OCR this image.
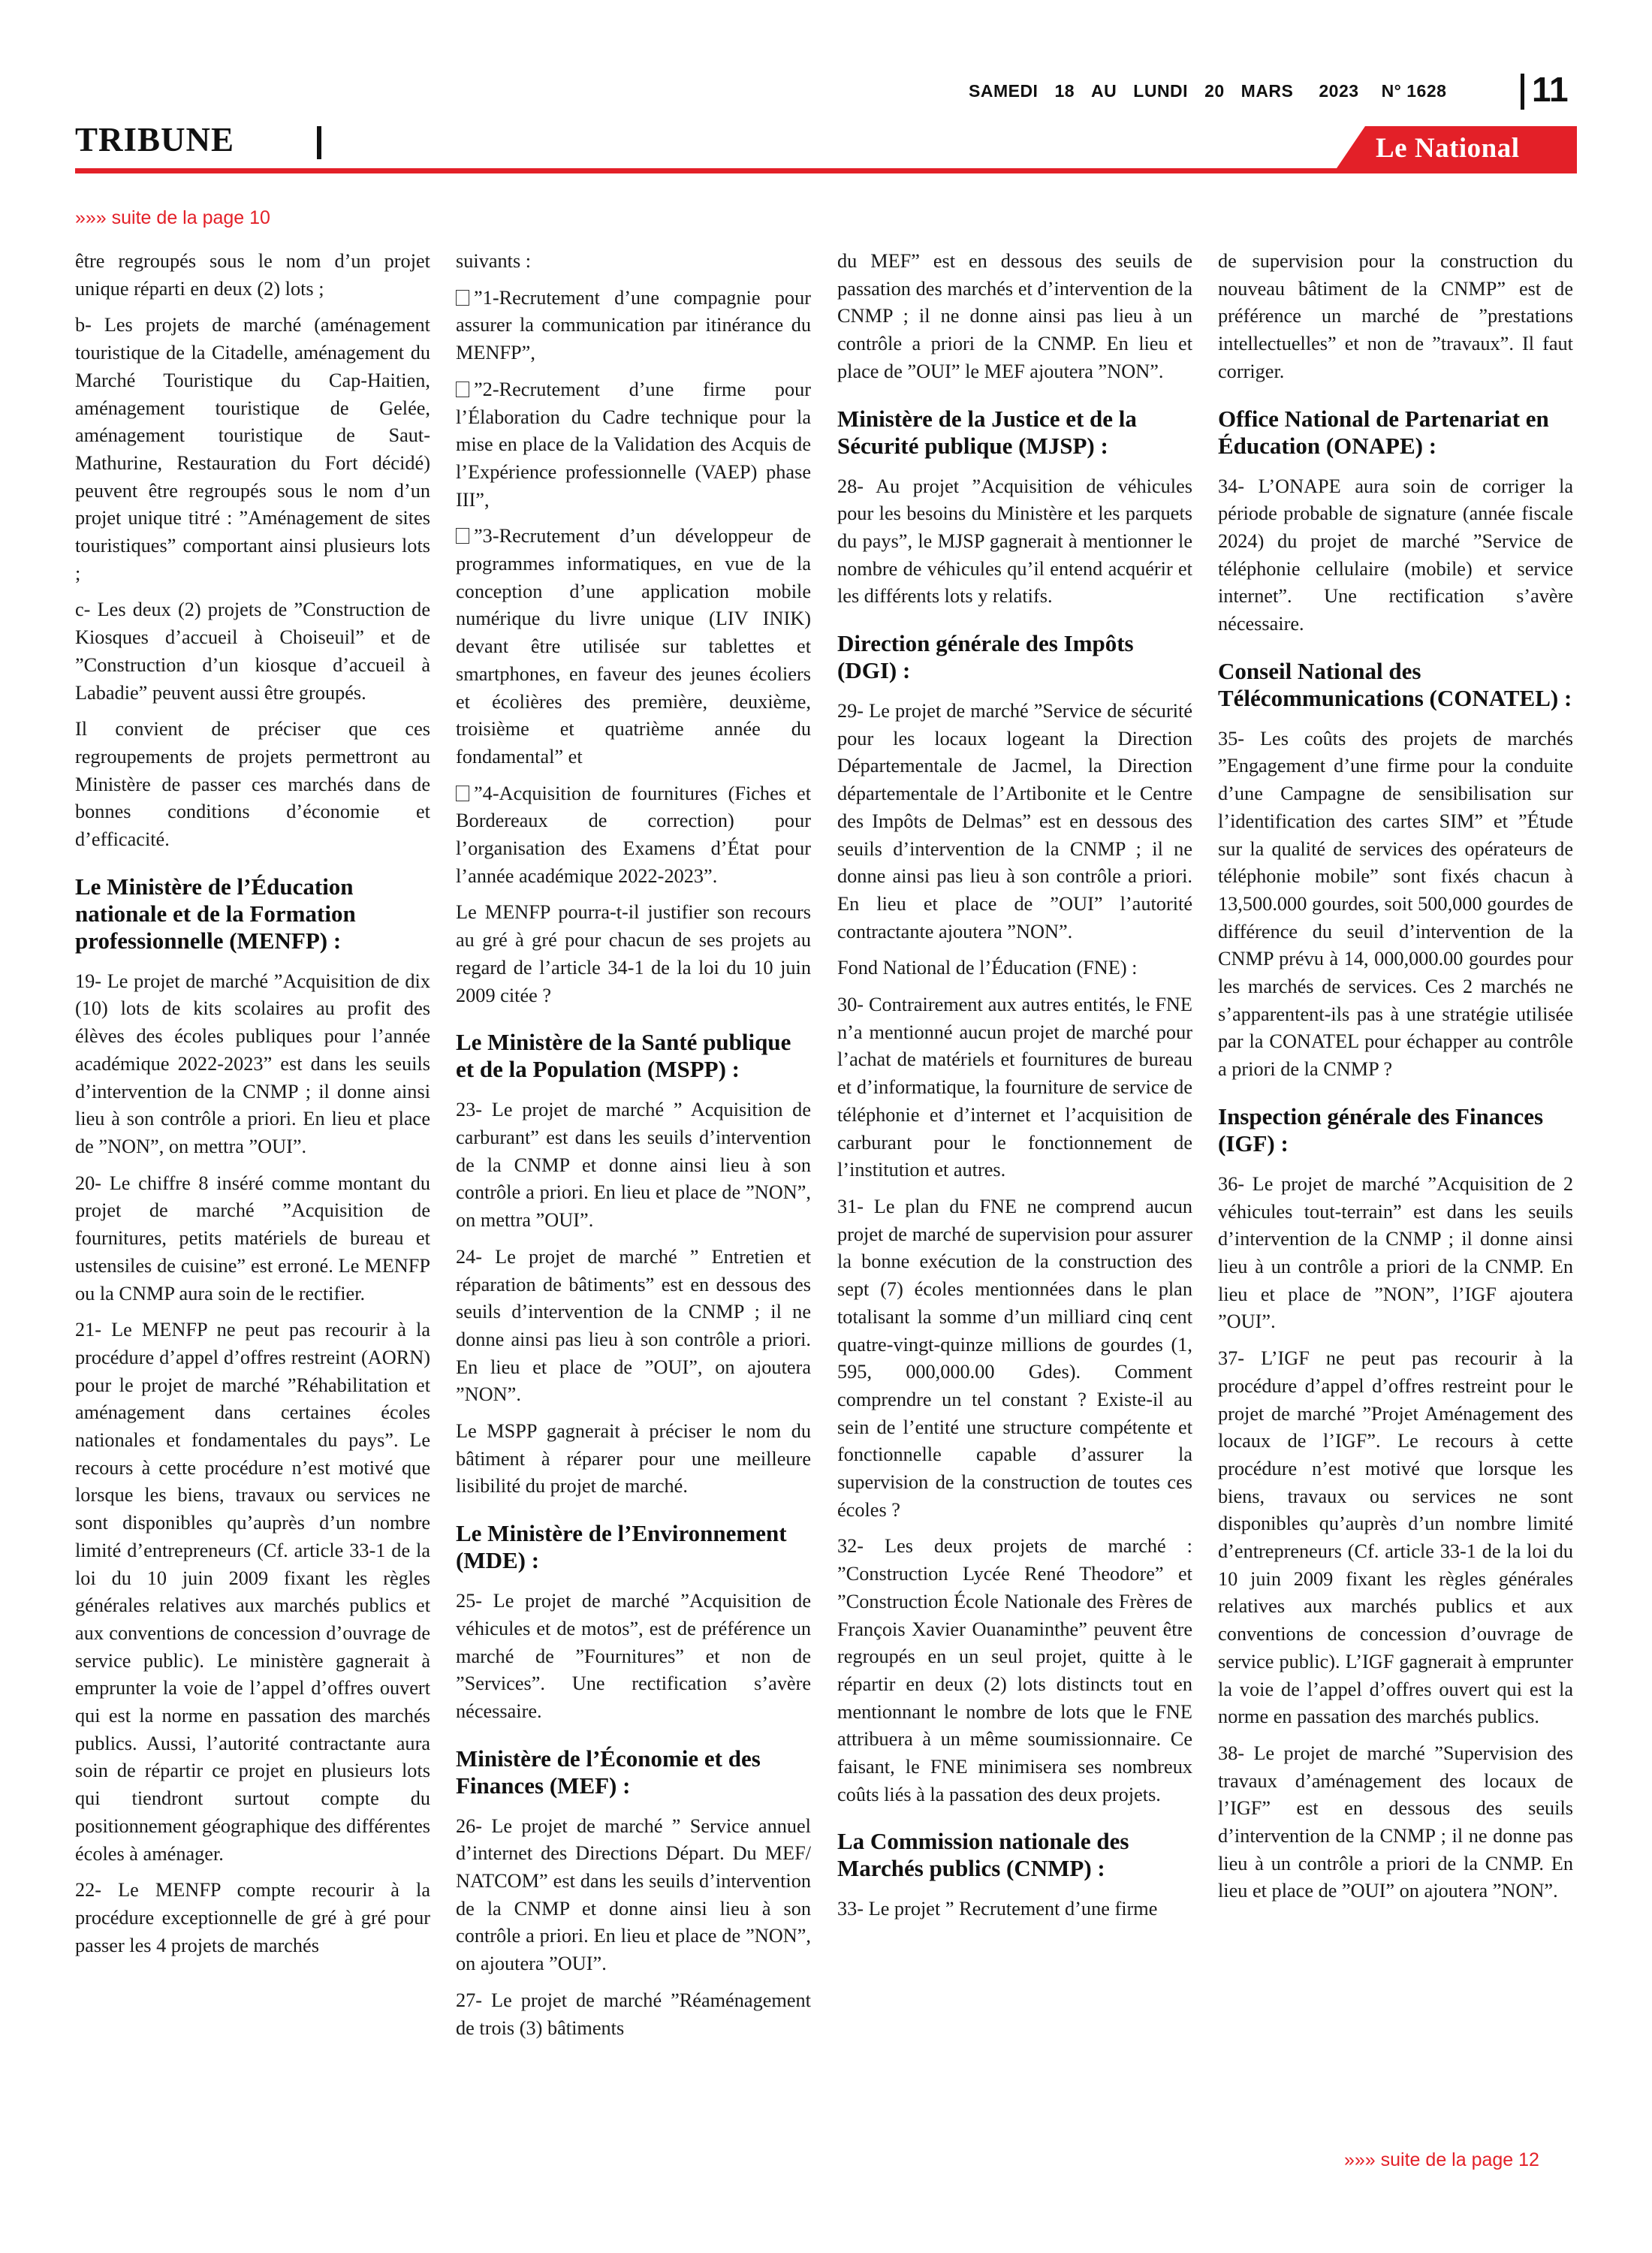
SAMEDI 18 AU LUNDI 20 MARS 2023 N° 1628 11
TRIBUNE	Le National
»»» suite de la page 10

être regroupés sous le nom d’un projet unique réparti en deux (2) lots ;

b- Les projets de marché (aménagement touristique de la Citadelle, aménagement du Marché Touristique du Cap-Haitien, aménagement touristique de Gelée, aménagement touristique de Saut-Mathurine, Restauration du Fort décidé) peuvent être regroupés sous le nom d’un projet unique titré : ”Aménagement de sites touristiques” comportant ainsi plusieurs lots ;

c- Les deux (2) projets de ”Construction de Kiosques d’accueil à Choiseuil” et de ”Construction d’un kiosque d’accueil à Labadie” peuvent aussi être groupés.

Il convient de préciser que ces regroupements de projets permettront au Ministère de passer ces marchés dans de bonnes conditions d’économie et d’efficacité.

Le Ministère de l’Éducation nationale et de la Formation professionnelle (MENFP) :

19- Le projet de marché ”Acquisition de dix (10) lots de kits scolaires au profit des élèves des écoles publiques pour l’année académique 2022-2023” est dans les seuils d’intervention de la CNMP ; il donne ainsi lieu à son contrôle a priori. En lieu et place de ”NON”, on mettra ”OUI”.

20- Le chiffre 8 inséré comme montant du projet de marché ”Acquisition de fournitures, petits matériels de bureau et ustensiles de cuisine” est erroné. Le MENFP ou la CNMP aura soin de le rectifier.

21- Le MENFP ne peut pas recourir à la procédure d’appel d’offres restreint (AORN) pour le projet de marché ”Réhabilitation et aménagement dans certaines écoles nationales et fondamentales du pays”. Le recours à cette procédure n’est motivé que lorsque les biens, travaux ou services ne sont disponibles qu’auprès d’un nombre limité d’entrepreneurs (Cf. article 33-1 de la loi du 10 juin 2009 fixant les règles générales relatives aux marchés publics et aux conventions de concession d’ouvrage de service public). Le ministère gagnerait à emprunter la voie de l’appel d’offres ouvert qui est la norme en passation des marchés publics. Aussi, l’autorité contractante aura soin de répartir ce projet en plusieurs lots qui tiendront surtout compte du positionnement géographique des différentes écoles à aménager.

22- Le MENFP compte recourir à la procédure exceptionnelle de gré à gré pour passer les 4 projets de marchés

suivants :

”1-Recrutement d’une compagnie pour assurer la communication par itinérance du MENFP”,

”2-Recrutement d’une firme pour l’Élaboration du Cadre technique pour la mise en place de la Validation des Acquis de l’Expérience professionnelle (VAEP) phase III”,

”3-Recrutement d’un développeur de programmes informatiques, en vue de la conception d’une application mobile numérique du livre unique (LIV INIK) devant être utilisée sur tablettes et smartphones, en faveur des jeunes écoliers et écolières des première, deuxième, troisième et quatrième année du fondamental” et

”4-Acquisition de fournitures (Fiches et Bordereaux de correction) pour l’organisation des Examens d’État pour l’année académique 2022-2023”.

Le MENFP pourra-t-il justifier son recours au gré à gré pour chacun de ses projets au regard de l’article 34-1 de la loi du 10 juin 2009 citée ?

Le Ministère de la Santé publique et de la Population (MSPP) :

23- Le projet de marché ” Acquisition de carburant” est dans les seuils d’intervention de la CNMP et donne ainsi lieu à son contrôle a priori. En lieu et place de ”NON”, on mettra ”OUI”.

24- Le projet de marché ” Entretien et réparation de bâtiments” est en dessous des seuils d’intervention de la CNMP ; il ne donne ainsi pas lieu à son contrôle a priori. En lieu et place de ”OUI”, on ajoutera ”NON”.

Le MSPP gagnerait à préciser le nom du bâtiment à réparer pour une meilleure lisibilité du projet de marché.

Le Ministère de l’Environnement (MDE) :

25- Le projet de marché ”Acquisition de véhicules et de motos”, est de préférence un marché de ”Fournitures” et non de ”Services”. Une rectification s’avère nécessaire.

Ministère de l’Économie et des Finances (MEF) :

26- Le projet de marché ” Service annuel d’internet des Directions Départ. Du MEF/ NATCOM” est dans les seuils d’intervention de la CNMP et donne ainsi lieu à son contrôle a priori. En lieu et place de ”NON”, on ajoutera ”OUI”.

27- Le projet de marché ”Réaménagement de trois (3) bâtiments

du MEF” est en dessous des seuils de passation des marchés et d’intervention de la CNMP ; il ne donne ainsi pas lieu à un contrôle a priori de la CNMP. En lieu et place de ”OUI” le MEF ajoutera ”NON”.

Ministère de la Justice et de la Sécurité publique (MJSP) :

28- Au projet ”Acquisition de véhicules pour les besoins du Ministère et les parquets du pays”, le MJSP gagnerait à mentionner le nombre de véhicules qu’il entend acquérir et les différents lots y relatifs.

Direction générale des Impôts (DGI) :

29- Le projet de marché ”Service de sécurité pour les locaux logeant la Direction Départementale de Jacmel, la Direction départementale de l’Artibonite et le Centre des Impôts de Delmas” est en dessous des seuils d’intervention de la CNMP ; il ne donne ainsi pas lieu à son contrôle a priori. En lieu et place de ”OUI” l’autorité contractante ajoutera ”NON”.

Fond National de l’Éducation (FNE) :

30- Contrairement aux autres entités, le FNE n’a mentionné aucun projet de marché pour l’achat de matériels et fournitures de bureau et d’informatique, la fourniture de service de téléphonie et d’internet et l’acquisition de carburant pour le fonctionnement de l’institution et autres.

31- Le plan du FNE ne comprend aucun projet de marché de supervision pour assurer la bonne exécution de la construction des sept (7) écoles mentionnées dans le plan totalisant la somme d’un milliard cinq cent quatre-vingt-quinze millions de gourdes (1, 595, 000,000.00 Gdes). Comment comprendre un tel constant ? Existe-il au sein de l’entité une structure compétente et fonctionnelle capable d’assurer la supervision de la construction de toutes ces écoles ?

32- Les deux projets de marché : ”Construction Lycée René Theodore” et ”Construction École Nationale des Frères de François Xavier Ouanaminthe” peuvent être regroupés en un seul projet, quitte à le répartir en deux (2) lots distincts tout en mentionnant le nombre de lots que le FNE attribuera à un même soumissionnaire. Ce faisant, le FNE minimisera ses nombreux coûts liés à la passation des deux projets.

La Commission nationale des Marchés publics (CNMP) :

33- Le projet ” Recrutement d’une firme

de supervision pour la construction du nouveau bâtiment de la CNMP” est de préférence un marché de ”prestations intellectuelles” et non de ”travaux”. Il faut corriger.

Office National de Partenariat en Éducation (ONAPE) :

34- L’ONAPE aura soin de corriger la période probable de signature (année fiscale 2024) du projet de marché ”Service de téléphonie cellulaire (mobile) et service internet”. Une rectification s’avère nécessaire.

Conseil National des Télécommunications (CONATEL) :

35- Les coûts des projets de marchés ”Engagement d’une firme pour la conduite d’une Campagne de sensibilisation sur l’identification des cartes SIM” et ”Étude sur la qualité de services des opérateurs de téléphonie mobile” sont fixés chacun à 13,500.000 gourdes, soit 500,000 gourdes de différence du seuil d’intervention de la CNMP prévu à 14, 000,000.00 gourdes pour les marchés de services. Ces 2 marchés ne s’apparentent-ils pas à une stratégie utilisée par la CONATEL pour échapper au contrôle a priori de la CNMP ?

Inspection générale des Finances (IGF) :

36- Le projet de marché ”Acquisition de 2 véhicules tout-terrain” est dans les seuils d’intervention de la CNMP ; il donne ainsi lieu à un contrôle a priori de la CNMP. En lieu et place de ”NON”, l’IGF ajoutera ”OUI”.

37- L’IGF ne peut pas recourir à la procédure d’appel d’offres restreint pour le projet de marché ”Projet Aménagement des locaux de l’IGF”. Le recours à cette procédure n’est motivé que lorsque les biens, travaux ou services ne sont disponibles qu’auprès d’un nombre limité d’entrepreneurs (Cf. article 33-1 de la loi du 10 juin 2009 fixant les règles générales relatives aux marchés publics et aux conventions de concession d’ouvrage de service public). L’IGF gagnerait à emprunter la voie de l’appel d’offres ouvert qui est la norme en passation des marchés publics.

38- Le projet de marché ”Supervision des travaux d’aménagement des locaux de l’IGF” est en dessous des seuils d’intervention de la CNMP ; il ne donne pas lieu à un contrôle a priori de la CNMP. En lieu et place de ”OUI” on ajoutera ”NON”.

»»» suite de la page 12
